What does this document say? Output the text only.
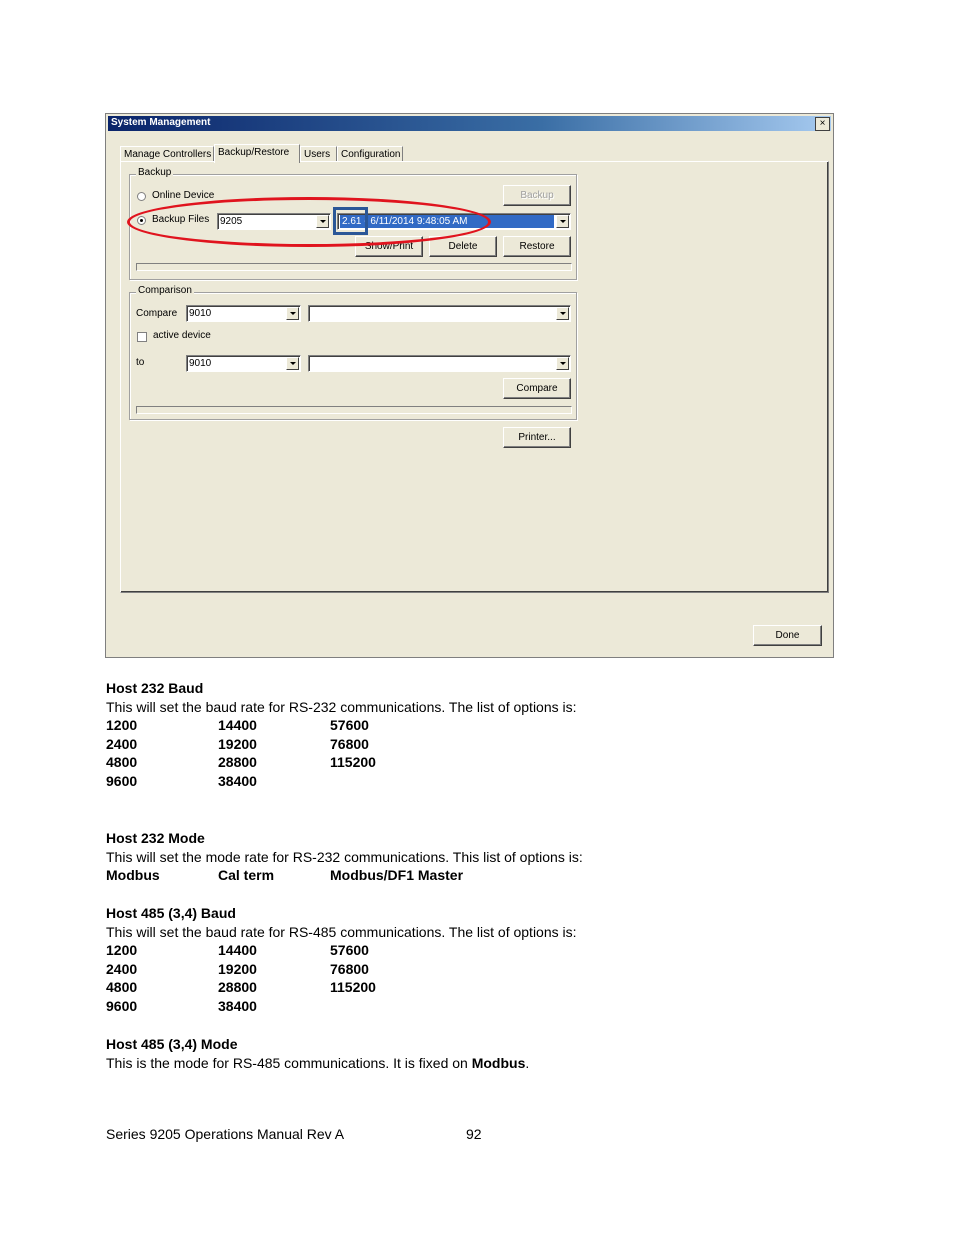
System Management	×
Manage Controllers Backup/Restore	Users	Configuration
Backup
Online Device	Backup
Backup Files 9205	2.61 - 6/11/2014 9:48:05 AM
Show/Print	Delete	Restore
Comparison
Compare 9010
active device
to	9010
Compare
Printer...
Done
Host 232 Baud
This will set the baud rate for RS-232 communications. The list of options is:
1200	14400	57600
2400	19200	76800
4800	28800	115200
9600	38400
Host 232 Mode
This will set the mode rate for RS-232 communications. This list of options is:
Modbus	Cal term	Modbus/DF1 Master
Host 485 (3,4) Baud
This will set the baud rate for RS-485 communications. The list of options is:
1200	14400	57600
2400	19200	76800
4800	28800	115200
9600	38400
Host 485 (3,4) Mode
This is the mode for RS-485 communications. It is fixed on Modbus.
Series 9205 Operations Manual Rev A	92
